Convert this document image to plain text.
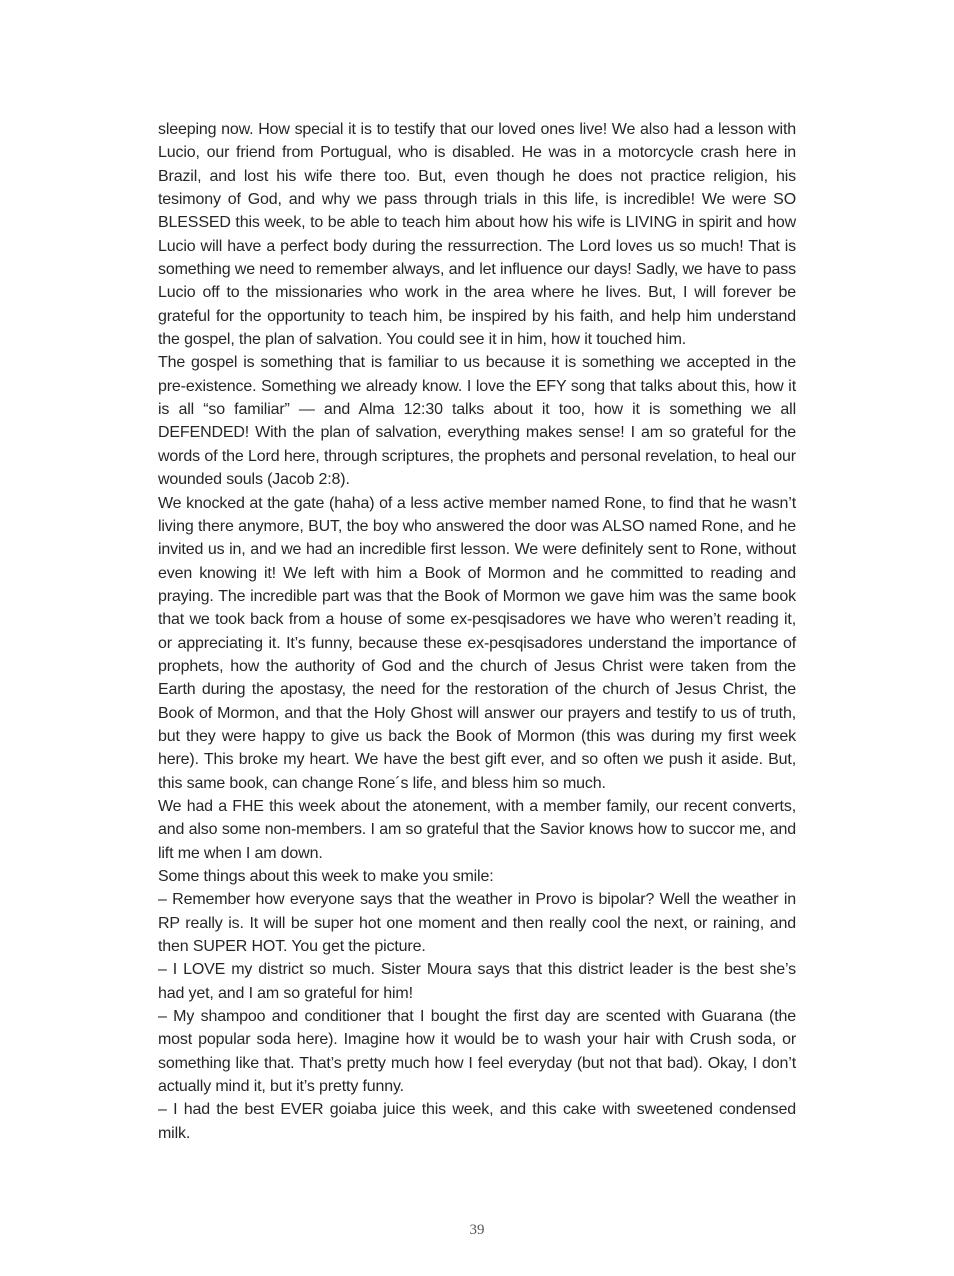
sleeping now. How special it is to testify that our loved ones live! We also had a lesson with Lucio, our friend from Portugual, who is disabled. He was in a motorcycle crash here in Brazil, and lost his wife there too. But, even though he does not practice religion, his tesimony of God, and why we pass through trials in this life, is incredible! We were SO BLESSED this week, to be able to teach him about how his wife is LIVING in spirit and how Lucio will have a perfect body during the ressurrection. The Lord loves us so much! That is something we need to remember always, and let influence our days! Sadly, we have to pass Lucio off to the missionaries who work in the area where he lives. But, I will forever be grateful for the opportunity to teach him, be inspired by his faith, and help him understand the gospel, the plan of salvation. You could see it in him, how it touched him.

The gospel is something that is familiar to us because it is something we accepted in the pre-existence. Something we already know. I love the EFY song that talks about this, how it is all “so familiar” — and Alma 12:30 talks about it too, how it is something we all DEFENDED! With the plan of salvation, everything makes sense! I am so grateful for the words of the Lord here, through scriptures, the prophets and personal revelation, to heal our wounded souls (Jacob 2:8).

We knocked at the gate (haha) of a less active member named Rone, to find that he wasn’t living there anymore, BUT, the boy who answered the door was ALSO named Rone, and he invited us in, and we had an incredible first lesson. We were definitely sent to Rone, without even knowing it! We left with him a Book of Mormon and he committed to reading and praying. The incredible part was that the Book of Mormon we gave him was the same book that we took back from a house of some ex-pesqisadores we have who weren’t reading it, or appreciating it. It’s funny, because these ex-pesqisadores understand the importance of prophets, how the authority of God and the church of Jesus Christ were taken from the Earth during the apostasy, the need for the restoration of the church of Jesus Christ, the Book of Mormon, and that the Holy Ghost will answer our prayers and testify to us of truth, but they were happy to give us back the Book of Mormon (this was during my first week here). This broke my heart. We have the best gift ever, and so often we push it aside. But, this same book, can change Rone´s life, and bless him so much.

We had a FHE this week about the atonement, with a member family, our recent converts, and also some non-members. I am so grateful that the Savior knows how to succor me, and lift me when I am down.

Some things about this week to make you smile:

– Remember how everyone says that the weather in Provo is bipolar? Well the weather in RP really is. It will be super hot one moment and then really cool the next, or raining, and then SUPER HOT. You get the picture.

– I LOVE my district so much. Sister Moura says that this district leader is the best she’s had yet, and I am so grateful for him!

– My shampoo and conditioner that I bought the first day are scented with Guarana (the most popular soda here). Imagine how it would be to wash your hair with Crush soda, or something like that. That’s pretty much how I feel everyday (but not that bad). Okay, I don’t actually mind it, but it’s pretty funny.

– I had the best EVER goiaba juice this week, and this cake with sweetened condensed milk.

39
